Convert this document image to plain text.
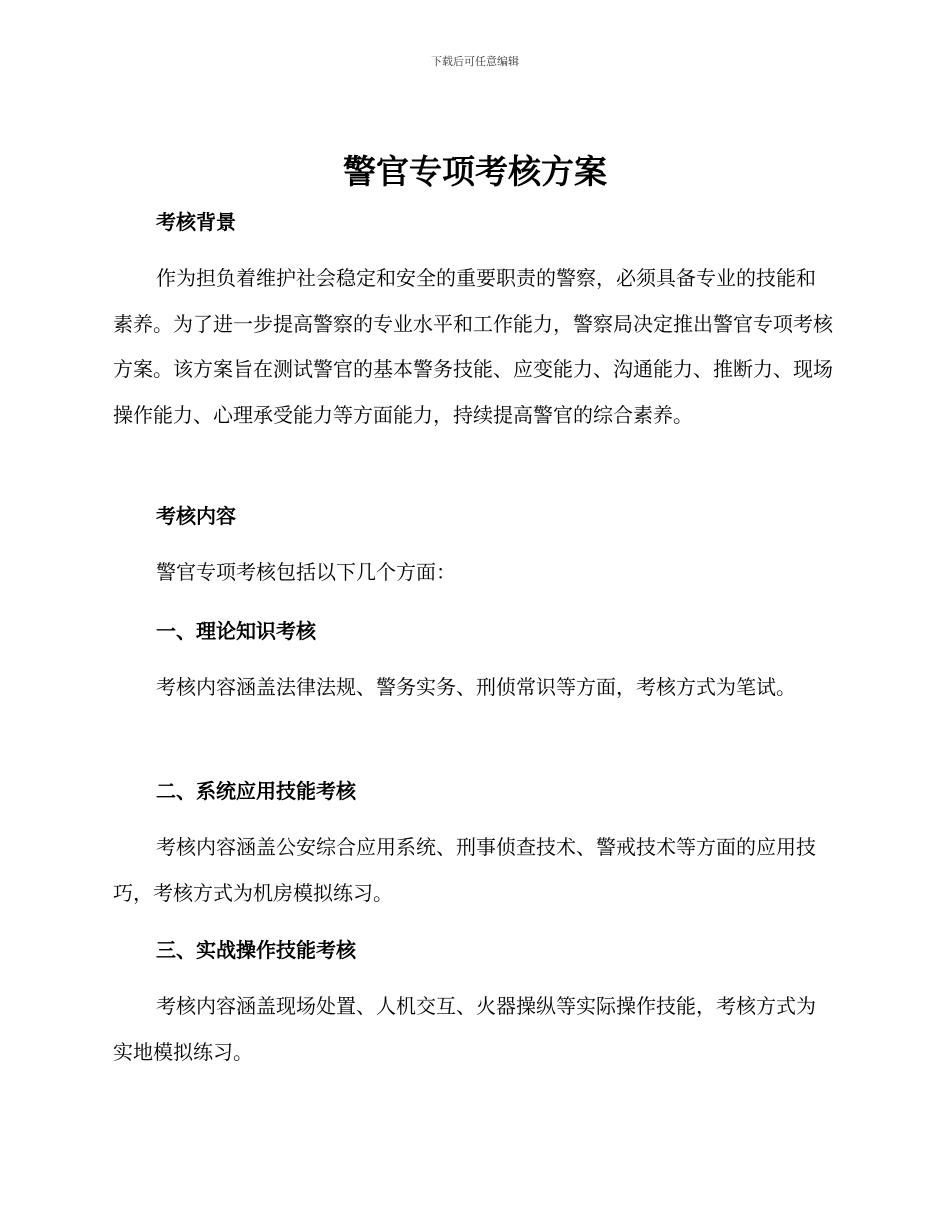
下载后可任意编辑
警官专项考核方案
考核背景
作为担负着维护社会稳定和安全的重要职责的警察，必须具备专业的技能和素养。为了进一步提高警察的专业水平和工作能力，警察局决定推出警官专项考核方案。该方案旨在测试警官的基本警务技能、应变能力、沟通能力、推断力、现场操作能力、心理承受能力等方面能力，持续提高警官的综合素养。
考核内容
警官专项考核包括以下几个方面：
一、理论知识考核
考核内容涵盖法律法规、警务实务、刑侦常识等方面，考核方式为笔试。
二、系统应用技能考核
考核内容涵盖公安综合应用系统、刑事侦查技术、警戒技术等方面的应用技巧，考核方式为机房模拟练习。
三、实战操作技能考核
考核内容涵盖现场处置、人机交互、火器操纵等实际操作技能，考核方式为实地模拟练习。
